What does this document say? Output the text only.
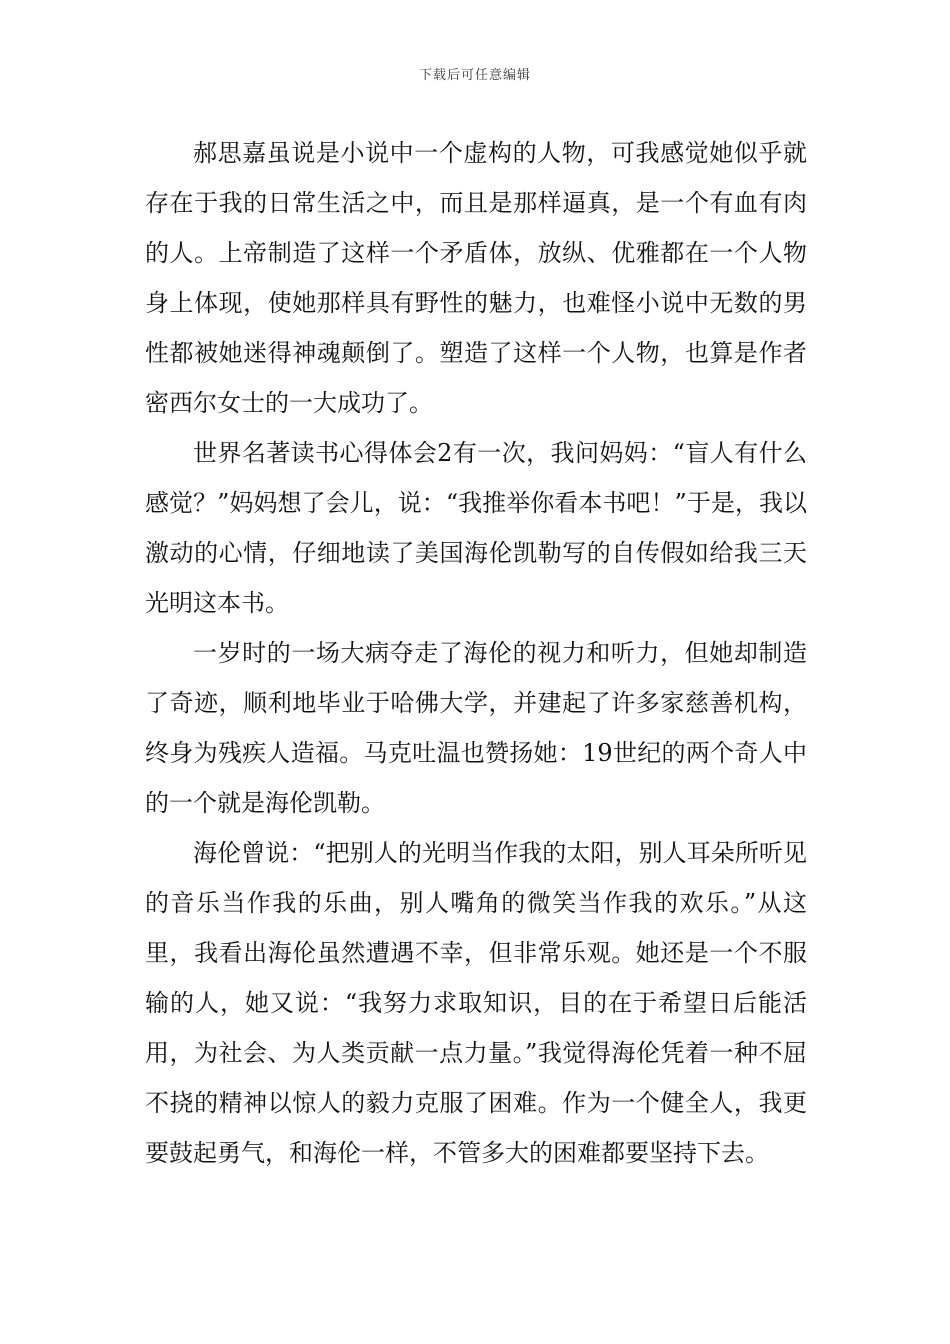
下载后可任意编辑

郝思嘉虽说是小说中一个虚构的人物，可我感觉她似乎就存在于我的日常生活之中，而且是那样逼真，是一个有血有肉的人。上帝制造了这样一个矛盾体，放纵、优雅都在一个人物身上体现，使她那样具有野性的魅力，也难怪小说中无数的男性都被她迷得神魂颠倒了。塑造了这样一个人物，也算是作者密西尔女士的一大成功了。

世界名著读书心得体会2有一次，我问妈妈：“盲人有什么感觉？”妈妈想了会儿，说：“我推举你看本书吧！”于是，我以激动的心情，仔细地读了美国海伦凯勒写的自传假如给我三天光明这本书。

一岁时的一场大病夺走了海伦的视力和听力，但她却制造了奇迹，顺利地毕业于哈佛大学，并建起了许多家慈善机构，终身为残疾人造福。马克吐温也赞扬她：19世纪的两个奇人中的一个就是海伦凯勒。

海伦曾说：“把别人的光明当作我的太阳，别人耳朵所听见的音乐当作我的乐曲，别人嘴角的微笑当作我的欢乐。”从这里，我看出海伦虽然遭遇不幸，但非常乐观。她还是一个不服输的人，她又说：“我努力求取知识，目的在于希望日后能活用，为社会、为人类贡献一点力量。”我觉得海伦凭着一种不屈不挠的精神以惊人的毅力克服了困难。作为一个健全人，我更要鼓起勇气，和海伦一样，不管多大的困难都要坚持下去。
